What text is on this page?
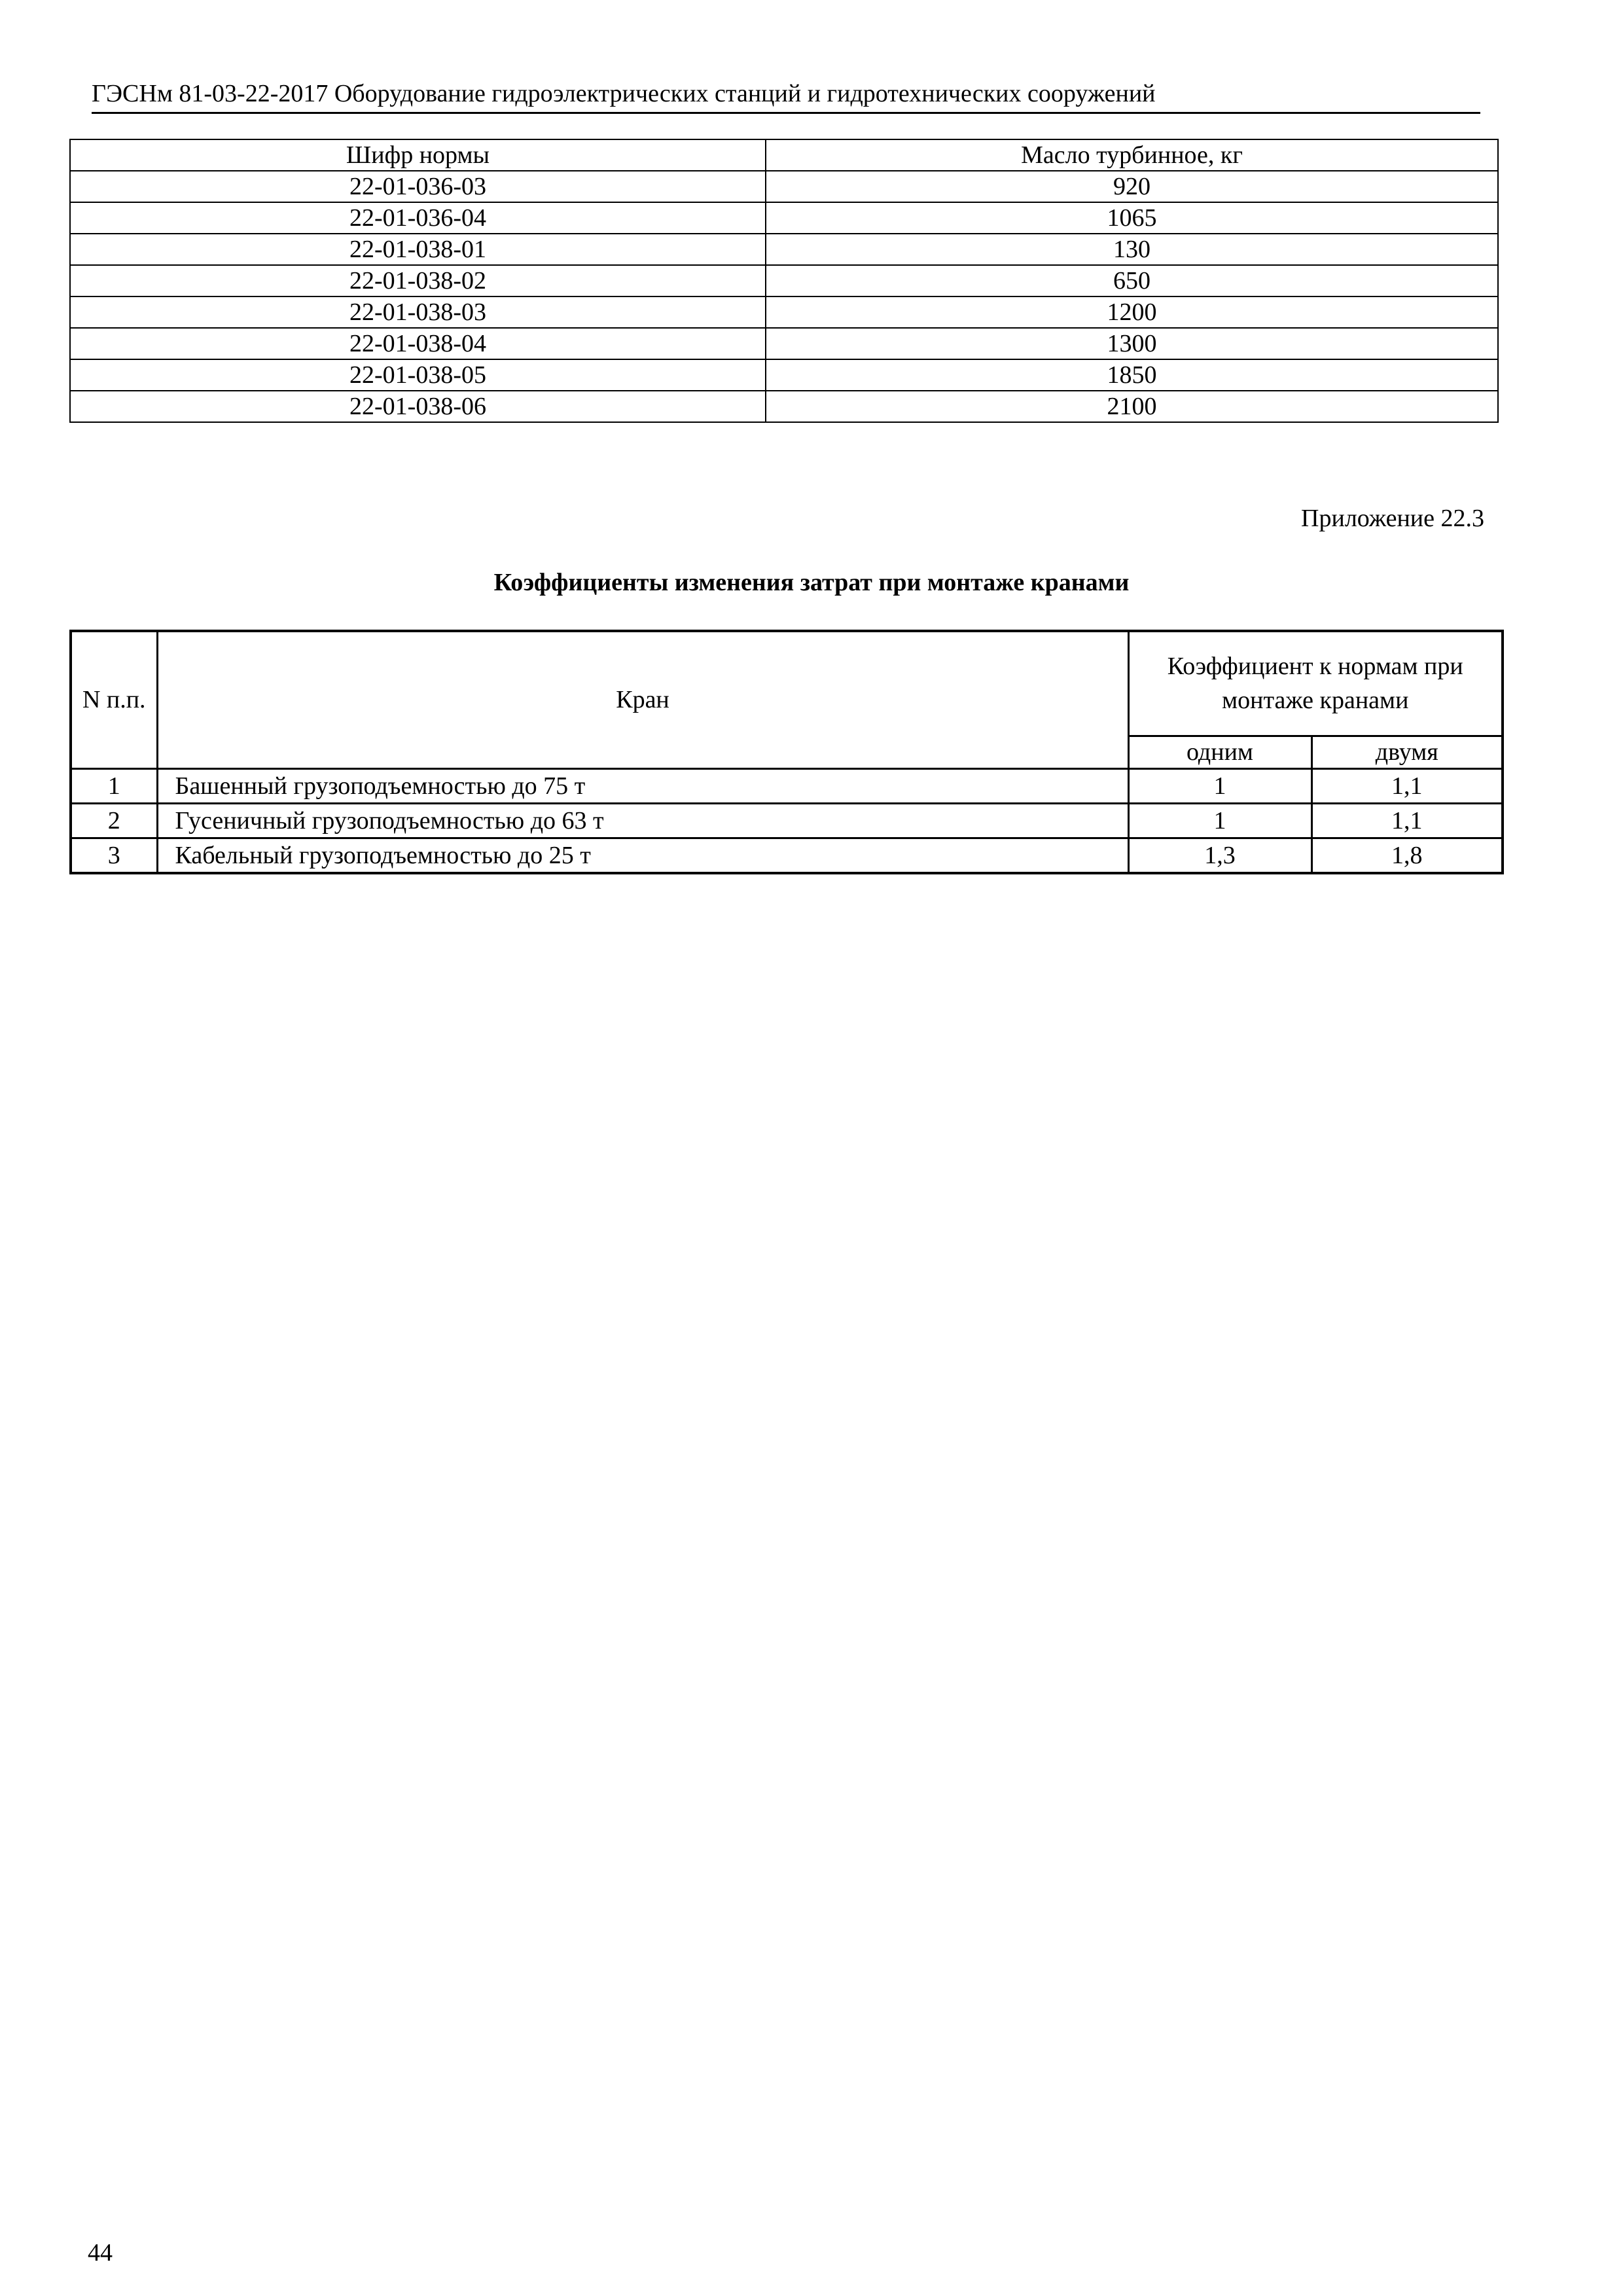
ГЭСНм 81-03-22-2017 Оборудование гидроэлектрических станций и гидротехнических сооружений
Шифр нормы	Масло турбинное, кг
22-01-036-03	920
22-01-036-04	1065
22-01-038-01	130
22-01-038-02	650
22-01-038-03	1200
22-01-038-04	1300
22-01-038-05	1850
22-01-038-06	2100
Приложение 22.3
Коэффициенты изменения затрат при монтаже кранами
N п.п.	Кран	Коэффициент к нормам при монтаже кранами	
		одним	двумя
1	Башенный грузоподъемностью до 75 т	1	1,1
2	Гусеничный грузоподъемностью до 63 т	1	1,1
3	Кабельный грузоподъемностью до 25 т	1,3	1,8
44
